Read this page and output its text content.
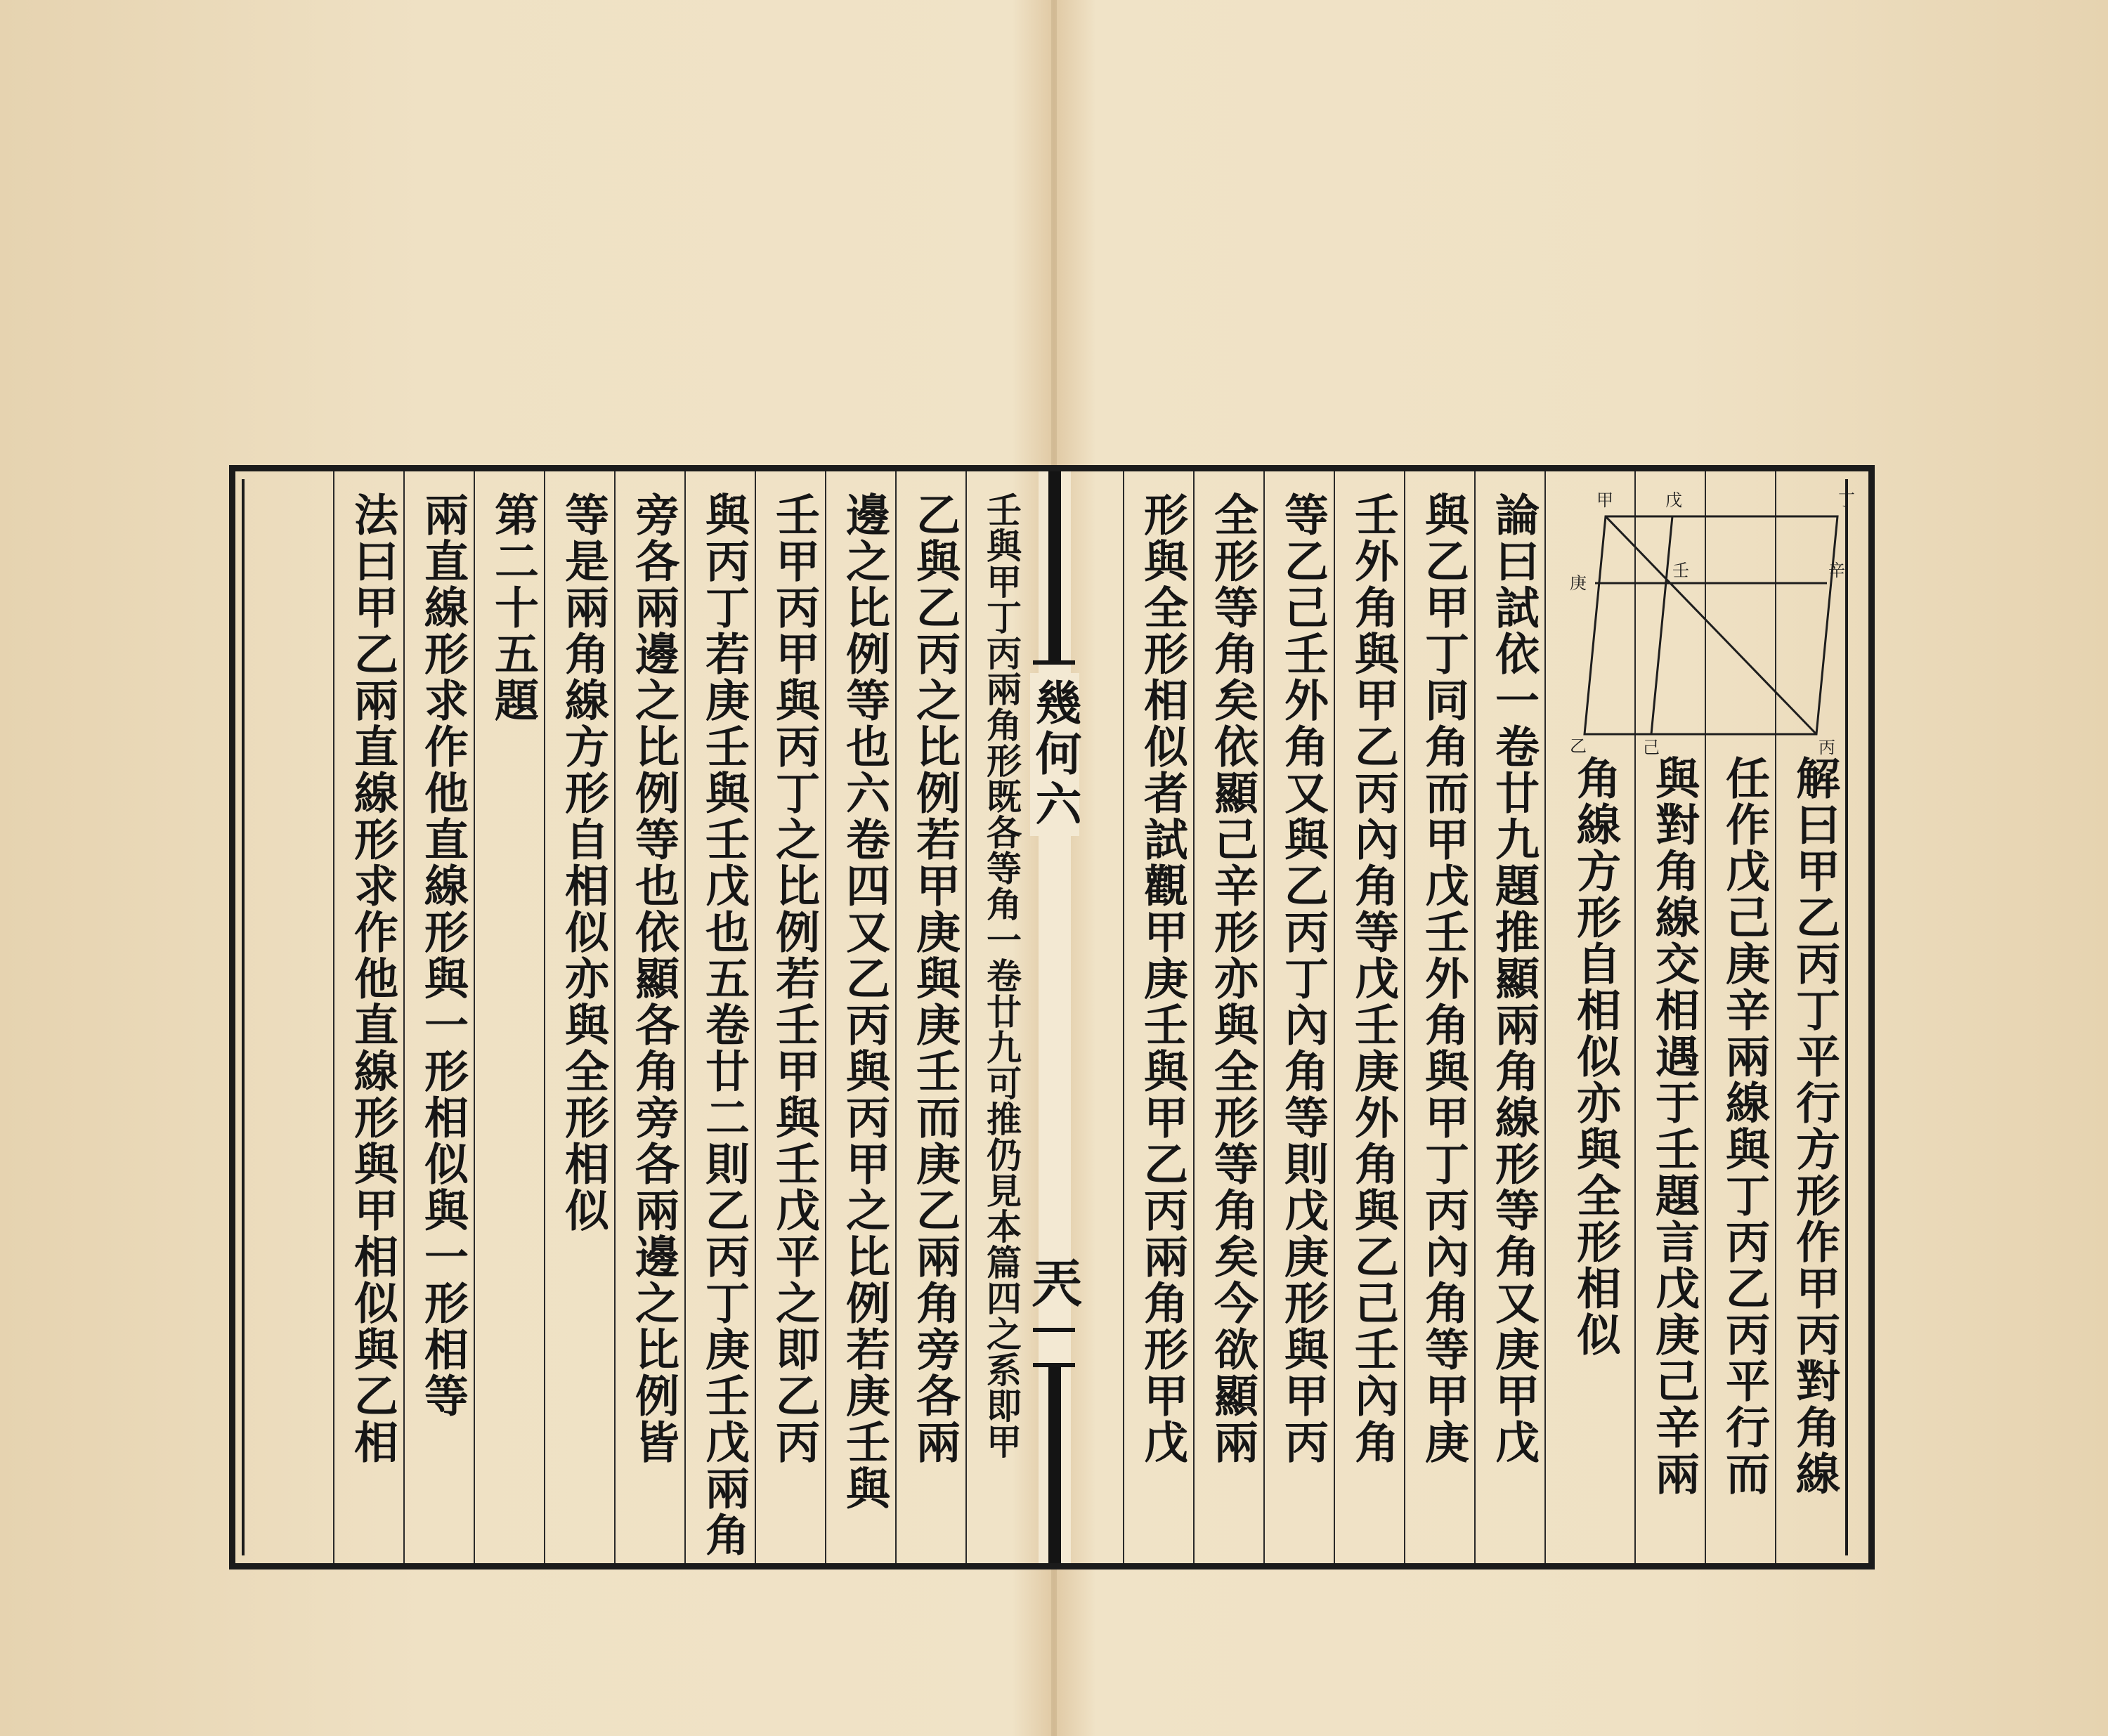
幾何六
兲
甲	戊	丁
庚
壬	辛
乙	己	丙
解曰甲乙丙丁平行方形作甲丙對角線
任作戊己庚辛兩線與丁丙乙丙平行而
與對角線交相遇于壬題言戊庚己辛兩
角線方形自相似亦與全形相似
論曰試依一卷廿九題推顯兩角線形等角又庚甲戊
與乙甲丁同角而甲戊壬外角與甲丁丙內角等甲庚
壬外角與甲乙丙內角等戊壬庚外角與乙己壬內角
等乙己壬外角又與乙丙丁內角等則戊庚形與甲丙
全形等角矣依顯己辛形亦與全形等角矣今欲顯兩
形與全形相似者試觀甲庚壬與甲乙丙兩角形甲戊
壬與甲丁丙兩角形既各等角一卷廿九可推仍見本篇四之系即甲
乙與乙丙之比例若甲庚與庚壬而庚乙兩角旁各兩
邊之比例等也六卷四又乙丙與丙甲之比例若庚壬與
壬甲丙甲與丙丁之比例若壬甲與壬戊平之即乙丙
與丙丁若庚壬與壬戊也五卷廿二則乙丙丁庚壬戊兩角
旁各兩邊之比例等也依顯各角旁各兩邊之比例皆
等是兩角線方形自相似亦與全形相似
第二十五題
兩直線形求作他直線形與一形相似與一形相等
法曰甲乙兩直線形求作他直線形與甲相似與乙相
